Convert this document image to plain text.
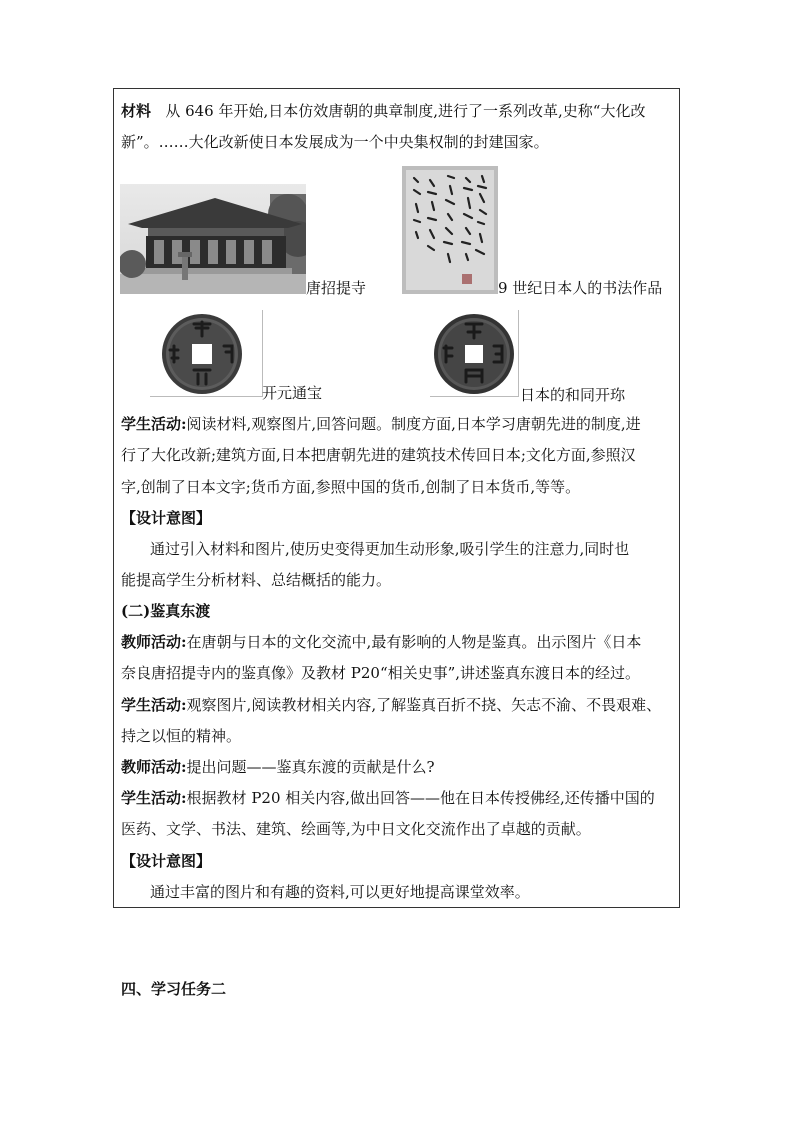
材料 从 646 年开始,日本仿效唐朝的典章制度,进行了一系列改革,史称“大化改
新”。……大化改新使日本发展成为一个中央集权制的封建国家。
唐招提寺	9 世纪日本人的书法作品
开元通宝	日本的和同开珎
学生活动:阅读材料,观察图片,回答问题。制度方面,日本学习唐朝先进的制度,进
行了大化改新;建筑方面,日本把唐朝先进的建筑技术传回日本;文化方面,参照汉
字,创制了日本文字;货币方面,参照中国的货币,创制了日本货币,等等。
【设计意图】
通过引入材料和图片,使历史变得更加生动形象,吸引学生的注意力,同时也
能提高学生分析材料、总结概括的能力。
(二)鉴真东渡
教师活动:在唐朝与日本的文化交流中,最有影响的人物是鉴真。出示图片《日本
奈良唐招提寺内的鉴真像》及教材 P20“相关史事”,讲述鉴真东渡日本的经过。
学生活动:观察图片,阅读教材相关内容,了解鉴真百折不挠、矢志不渝、不畏艰难、
持之以恒的精神。
教师活动:提出问题——鉴真东渡的贡献是什么?
学生活动:根据教材 P20 相关内容,做出回答——他在日本传授佛经,还传播中国的
医药、文学、书法、建筑、绘画等,为中日文化交流作出了卓越的贡献。
【设计意图】
通过丰富的图片和有趣的资料,可以更好地提高课堂效率。
四、学习任务二
